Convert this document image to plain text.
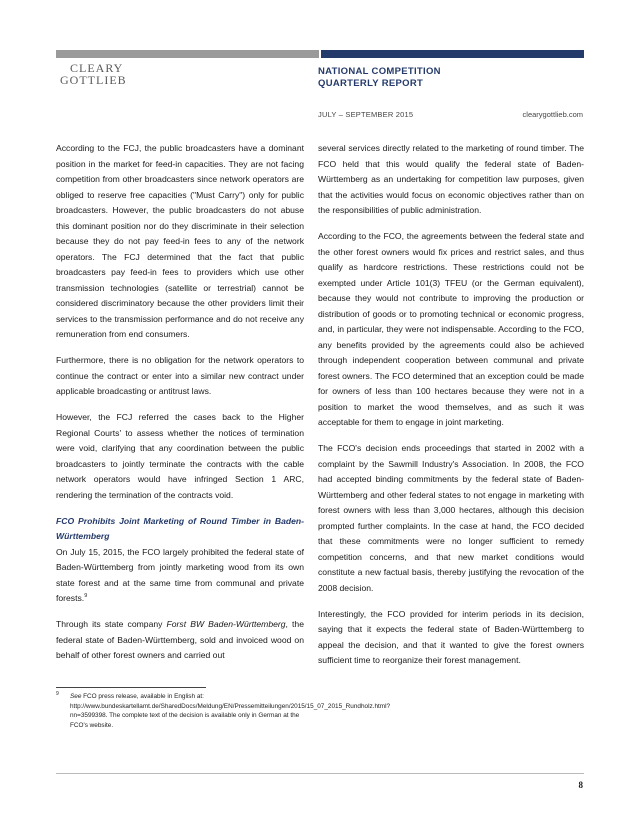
CLEARY
GOTTLIEB
NATIONAL COMPETITION
QUARTERLY REPORT
JULY – SEPTEMBER 2015	clearygottlieb.com

According to the FCJ, the public broadcasters have a dominant position in the market for feed-in capacities. They are not facing competition from other broadcasters since network operators are obliged to reserve free capacities ("Must Carry") only for public broadcasters. However, the public broadcasters do not abuse this dominant position nor do they discriminate in their selection because they do not pay feed-in fees to any of the network operators. The FCJ determined that the fact that public broadcasters pay feed-in fees to providers which use other transmission technologies (satellite or terrestrial) cannot be considered discriminatory because the other providers limit their services to the transmission performance and do not receive any remuneration from end consumers.

Furthermore, there is no obligation for the network operators to continue the contract or enter into a similar new contract under applicable broadcasting or antitrust laws.

However, the FCJ referred the cases back to the Higher Regional Courts' to assess whether the notices of termination were void, clarifying that any coordination between the public broadcasters to jointly terminate the contracts with the cable network operators would have infringed Section 1 ARC, rendering the termination of the contracts void.

FCO Prohibits Joint Marketing of Round Timber in Baden-Württemberg

On July 15, 2015, the FCO largely prohibited the federal state of Baden-Württemberg from jointly marketing wood from its own state forest and at the same time from communal and private forests.$^9$

Through its state company Forst BW Baden-Württemberg, the federal state of Baden-Württemberg, sold and invoiced wood on behalf of other forest owners and carried out

several services directly related to the marketing of round timber. The FCO held that this would qualify the federal state of Baden-Württemberg as an undertaking for competition law purposes, given that the activities would focus on economic objectives rather than on the responsibilities of public administration.

According to the FCO, the agreements between the federal state and the other forest owners would fix prices and restrict sales, and thus qualify as hardcore restrictions. These restrictions could not be exempted under Article 101(3) TFEU (or the German equivalent), because they would not contribute to improving the production or distribution of goods or to promoting technical or economic progress, and, in particular, they were not indispensable. According to the FCO, any benefits provided by the agreements could also be achieved through independent cooperation between communal and private forest owners. The FCO determined that an exception could be made for owners of less than 100 hectares because they were not in a position to market the wood themselves, and as such it was acceptable for them to engage in joint marketing.

The FCO's decision ends proceedings that started in 2002 with a complaint by the Sawmill Industry's Association. In 2008, the FCO had accepted binding commitments by the federal state of Baden-Württemberg and other federal states to not engage in marketing with forest owners with less than 3,000 hectares, although this decision prompted further complaints. In the case at hand, the FCO decided that these commitments were no longer sufficient to remedy competition concerns, and that new market conditions would constitute a new factual basis, thereby justifying the revocation of the 2008 decision.

Interestingly, the FCO provided for interim periods in its decision, saying that it expects the federal state of Baden-Württemberg to appeal the decision, and that it wanted to give the forest owners sufficient time to reorganize their forest management.

9	See FCO press release, available in English at: http://www.bundeskartellamt.de/SharedDocs/Meldung/EN/Pressemitteilungen/2015/15_07_2015_Rundholz.html?nn=3599398. The complete text of the decision is available only in German at the FCO's website.
8
